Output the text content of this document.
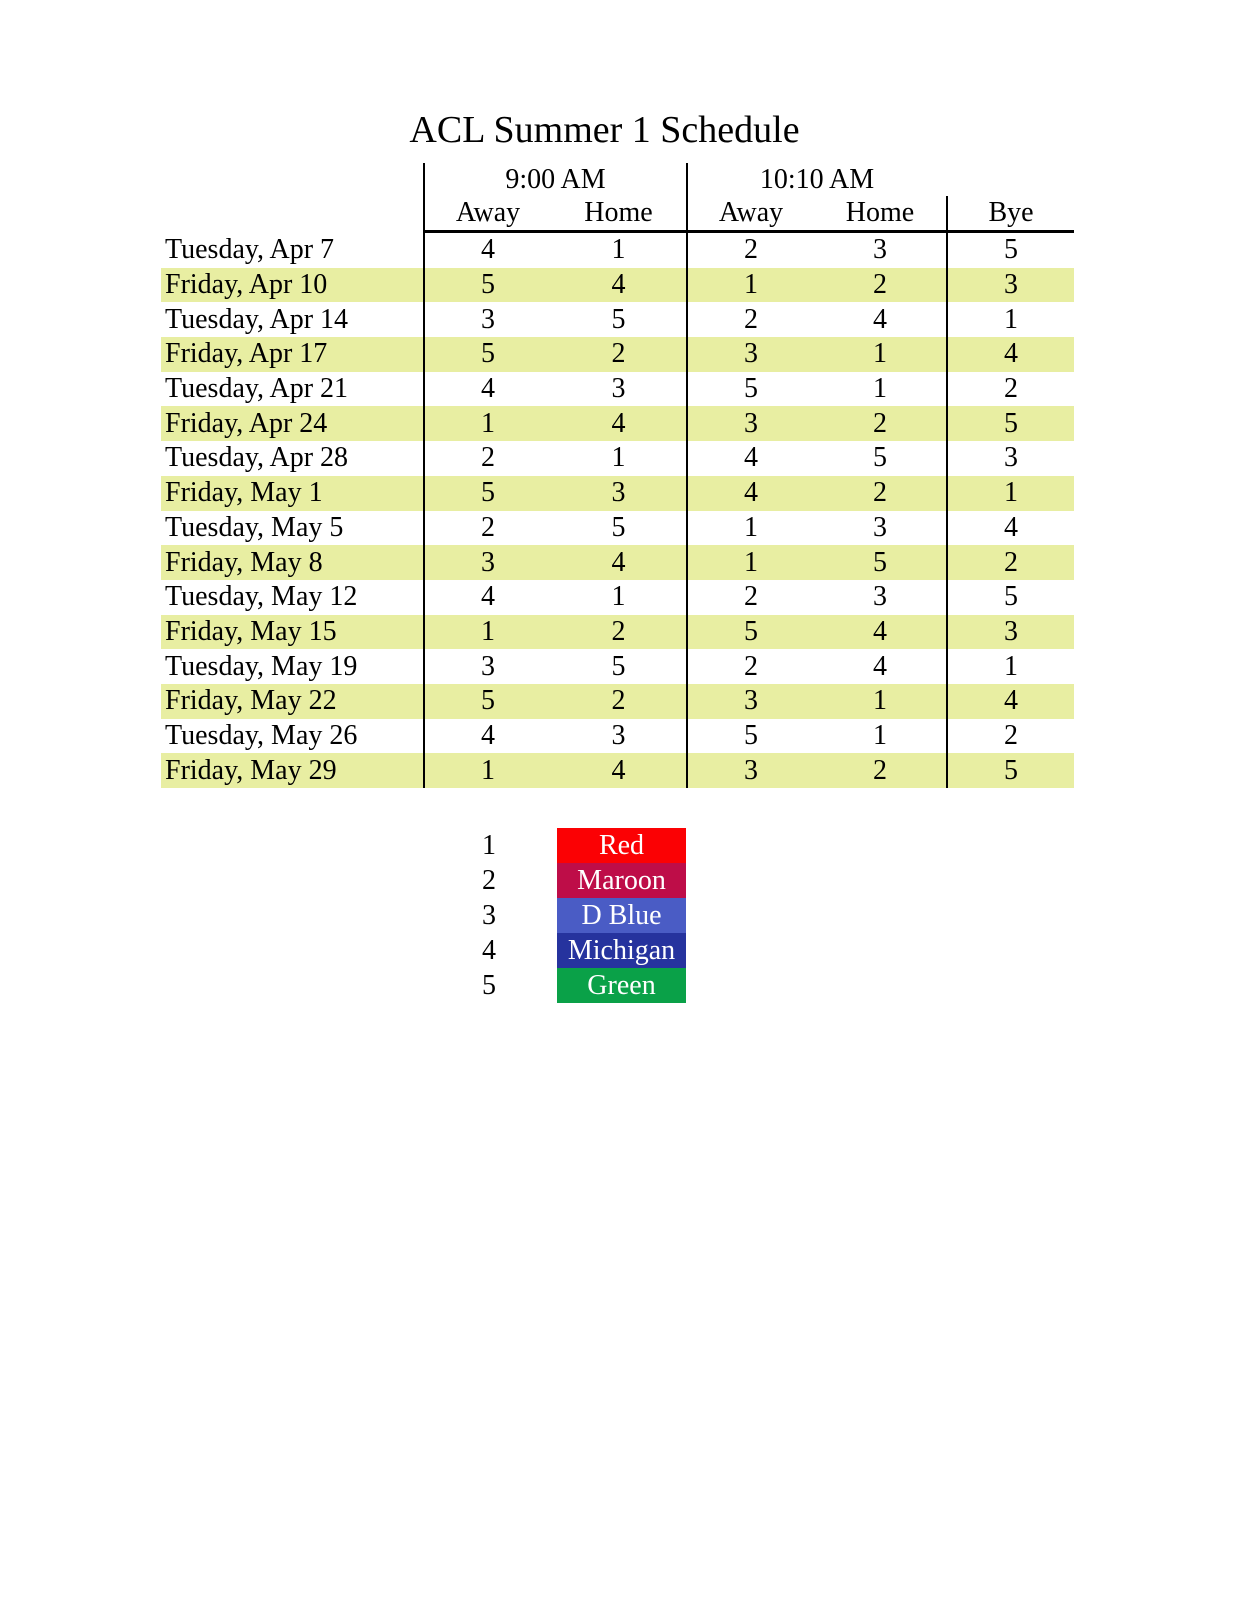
ACL Summer 1 Schedule
9:00 AM	10:10 AM
Away	Home	Away	Home	Bye
Tuesday, Apr 7	4	1	2	3	5
Friday, Apr 10	5	4	1	2	3
Tuesday, Apr 14	3	5	2	4	1
Friday, Apr 17	5	2	3	1	4
Tuesday, Apr 21	4	3	5	1	2
Friday, Apr 24	1	4	3	2	5
Tuesday, Apr 28	2	1	4	5	3
Friday, May 1	5	3	4	2	1
Tuesday, May 5	2	5	1	3	4
Friday, May 8	3	4	1	5	2
Tuesday, May 12	4	1	2	3	5
Friday, May 15	1	2	5	4	3
Tuesday, May 19	3	5	2	4	1
Friday, May 22	5	2	3	1	4
Tuesday, May 26	4	3	5	1	2
Friday, May 29	1	4	3	2	5
1	Red
2	Maroon
3	D Blue
4	Michigan
5	Green
